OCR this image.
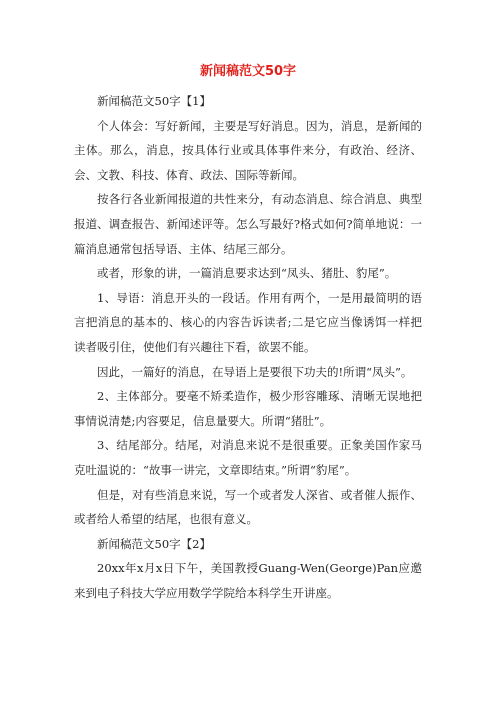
新闻稿范文50字

新闻稿范文50字【1】

个人体会：写好新闻，主要是写好消息。因为，消息，是新闻的主体。那么，消息，按具体行业或具体事件来分，有政治、经济、会、文教、科技、体育、政法、国际等新闻。

按各行各业新闻报道的共性来分，有动态消息、综合消息、典型报道、调查报告、新闻述评等。怎么写最好?格式如何?简单地说：一篇消息通常包括导语、主体、结尾三部分。

或者，形象的讲，一篇消息要求达到“凤头、猪肚、豹尾”。

1、导语：消息开头的一段话。作用有两个，一是用最简明的语言把消息的基本的、核心的内容告诉读者;二是它应当像诱饵一样把读者吸引住，使他们有兴趣往下看，欲罢不能。

因此，一篇好的消息，在导语上是要很下功夫的!所谓“凤头”。

2、主体部分。要毫不矫柔造作，极少形容雕琢、清晰无误地把事情说清楚;内容要足，信息量要大。所谓“猪肚”。

3、结尾部分。结尾，对消息来说不是很重要。正象美国作家马克吐温说的：“故事一讲完，文章即结束。”所谓“豹尾”。

但是，对有些消息来说，写一个或者发人深省、或者催人振作、或者给人希望的结尾，也很有意义。

新闻稿范文50字【2】

20xx年x月x日下午，美国教授Guang-Wen(George)Pan应邀来到电子科技大学应用数学学院给本科学生开讲座。
